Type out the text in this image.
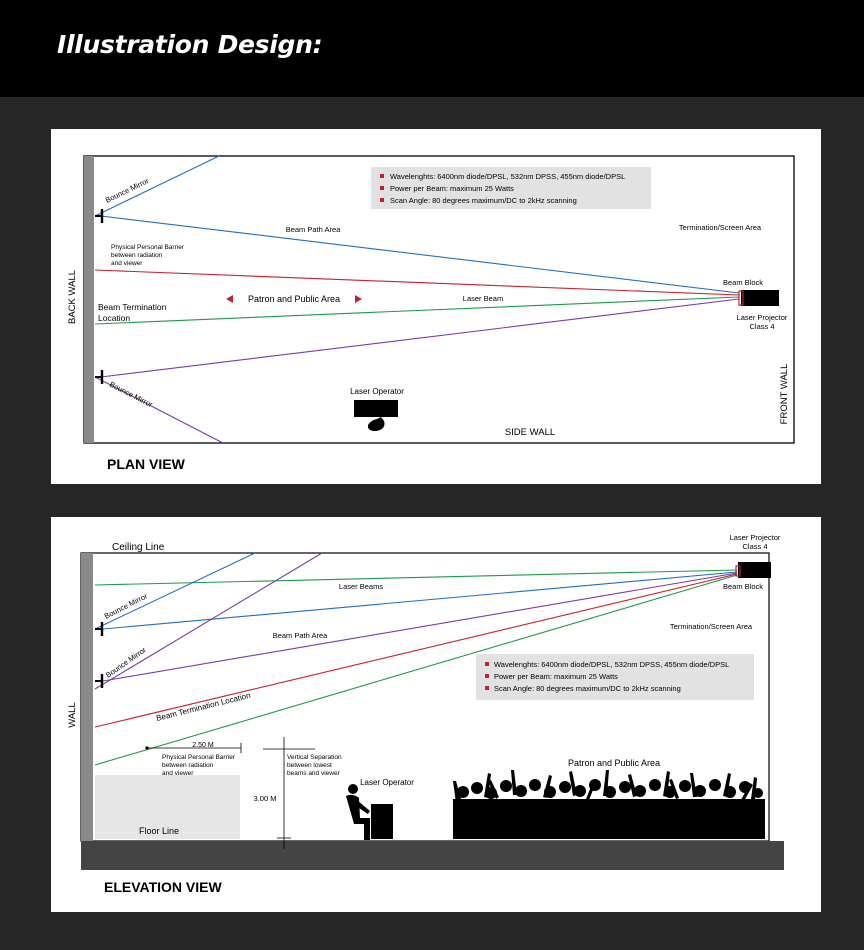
Illustration Design:
Wavelenghts: 6400nm diode/DPSL, 532nm DPSS, 455nm diode/DPSL
Power per Beam: maximum 25 Watts
Scan Angle: 80 degrees maximum/DC to 2kHz scanning
BACK WALL
FRONT WALL
SIDE WALL
Bounce Mirror
Bounce Mirror
Beam Path Area	Termination/Screen Area
Physical Personal Barrier
between radiation
and viewer
Beam Termination
Location
Patron and Public Area	Laser Beam
Beam Block
Laser Projector
Class 4
Laser Operator
PLAN VIEW
Wavelenghts: 6400nm diode/DPSL, 532nm DPSS, 455nm diode/DPSL
Power per Beam: maximum 25 Watts
Scan Angle: 80 degrees maximum/DC to 2kHz scanning
Ceiling Line
WALL
Bounce Mirror
Bounce Mirror
Laser Beams
Beam Path Area
Beam Termination Location
Termination/Screen Area
Laser Projector
Class 4
Beam Block
2.50 M
Physical Personal Barrier
between radiation
and viewer
Vertical Separation
between lowest
beams and viewer
3.00 M
Laser Operator
Patron and Public Area
Floor Line
ELEVATION VIEW
